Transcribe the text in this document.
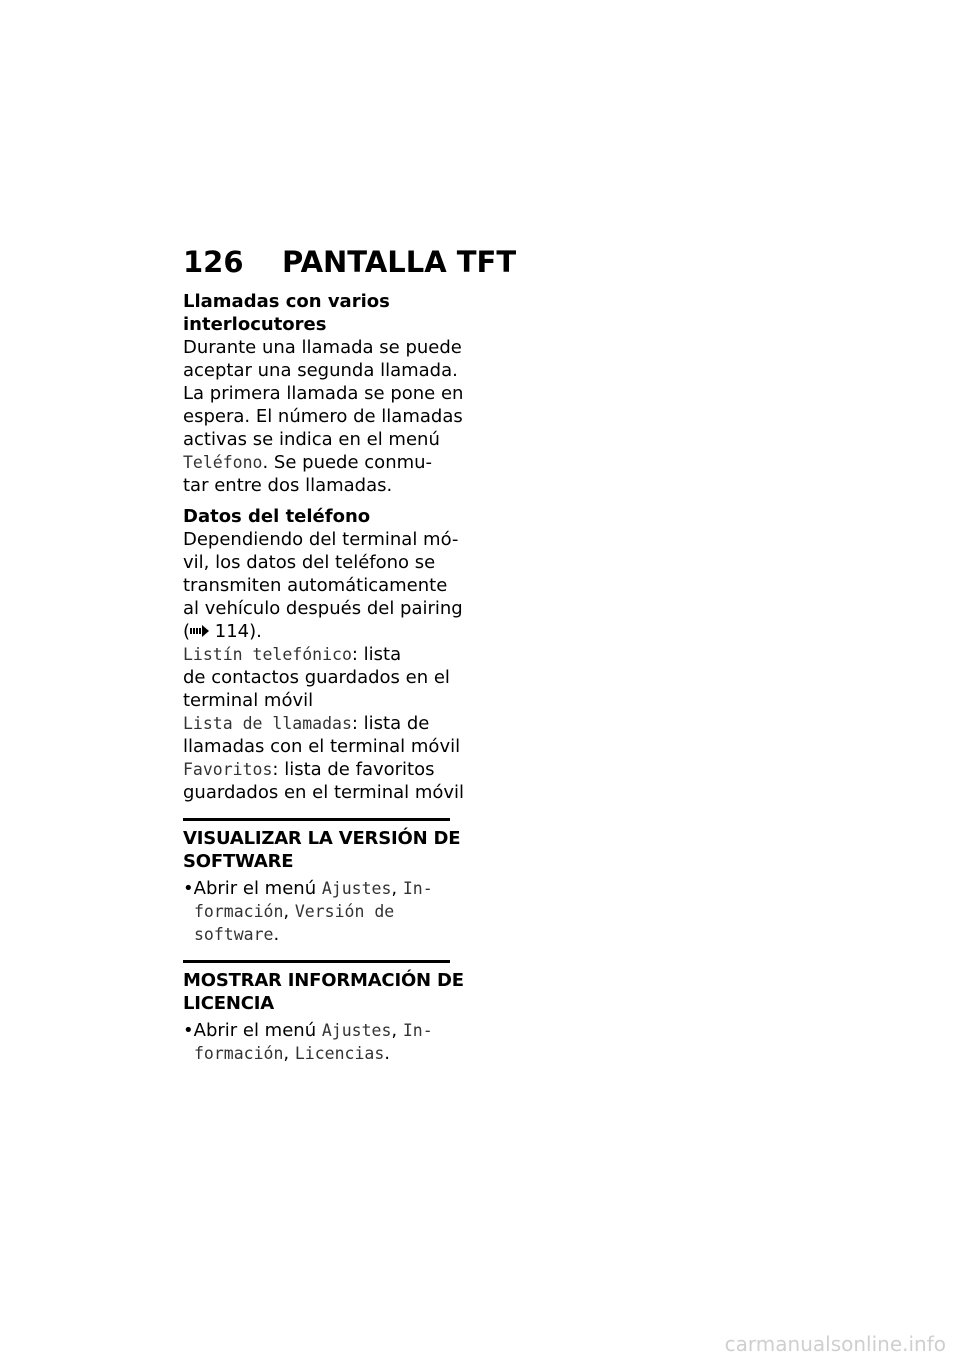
126 PANTALLA TFT
Llamadas con varios
interlocutores
Durante una llamada se puede
aceptar una segunda llamada.
La primera llamada se pone en
espera. El número de llamadas
activas se indica en el menú
Teléfono. Se puede conmu-
tar entre dos llamadas.
Datos del teléfono
Dependiendo del terminal mó-
vil, los datos del teléfono se
transmiten automáticamente
al vehículo después del pairing
( 114).
Listín telefónico: lista
de contactos guardados en el
terminal móvil
Lista de llamadas: lista de
llamadas con el terminal móvil
Favoritos: lista de favoritos
guardados en el terminal móvil
VISUALIZAR LA VERSIÓN DE
SOFTWARE
•Abrir el menú Ajustes, In-
formación, Versión de
software.
MOSTRAR INFORMACIÓN DE
LICENCIA
•Abrir el menú Ajustes, In-
formación, Licencias.
carmanualsonline.info
